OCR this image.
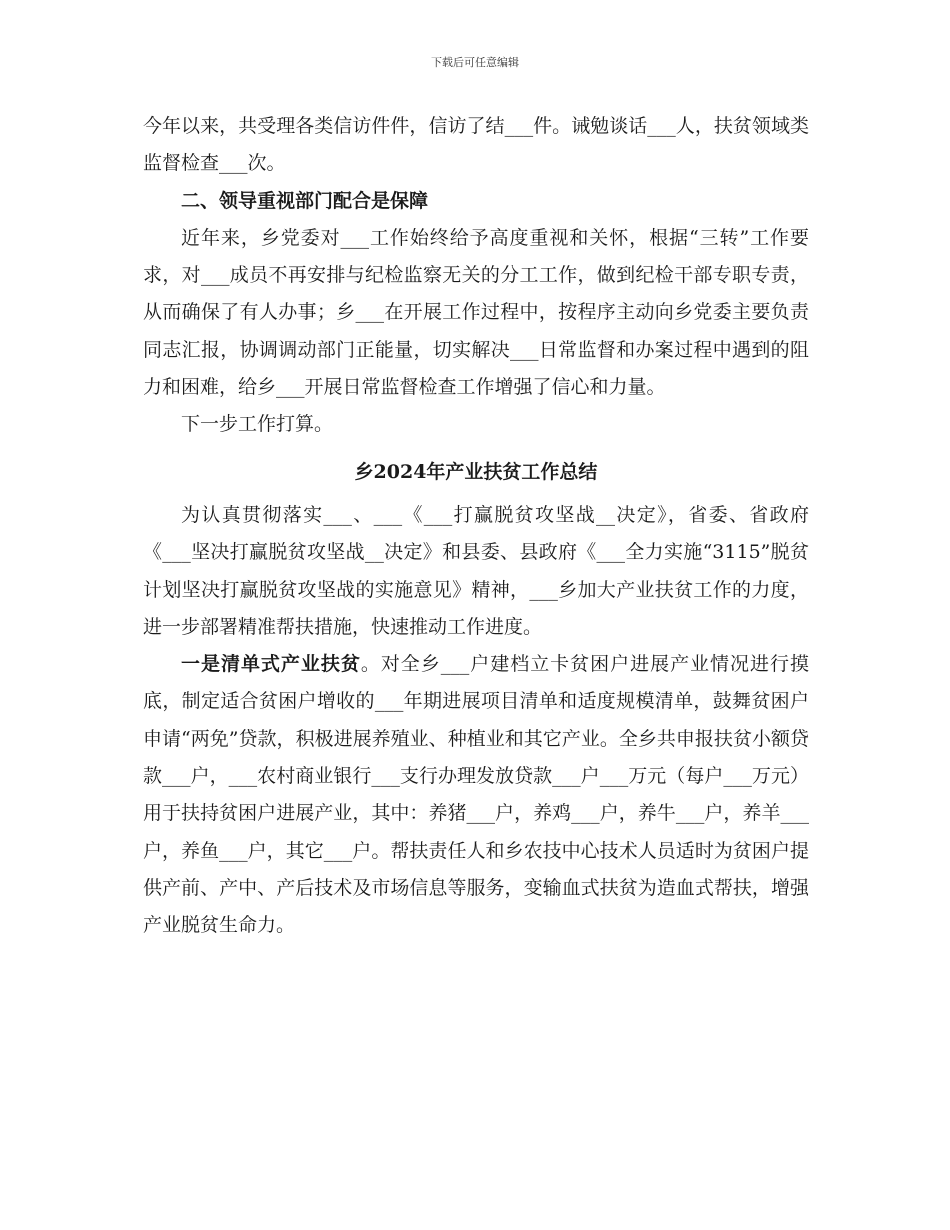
下载后可任意编辑

今年以来，共受理各类信访件件，信访了结___件。诫勉谈话___人，扶贫领域类监督检查___次。

二、领导重视部门配合是保障

近年来，乡党委对___工作始终给予高度重视和关怀，根据“三转”工作要求，对___成员不再安排与纪检监察无关的分工工作，做到纪检干部专职专责，从而确保了有人办事；乡___在开展工作过程中，按程序主动向乡党委主要负责同志汇报，协调调动部门正能量，切实解决___日常监督和办案过程中遇到的阻力和困难，给乡___开展日常监督检查工作增强了信心和力量。

下一步工作打算。

乡2024年产业扶贫工作总结

为认真贯彻落实___、___《___打赢脱贫攻坚战__决定》，省委、省政府《___坚决打赢脱贫攻坚战__决定》和县委、县政府《___全力实施“3115”脱贫计划坚决打赢脱贫攻坚战的实施意见》精神，___乡加大产业扶贫工作的力度，进一步部署精准帮扶措施，快速推动工作进度。

一是清单式产业扶贫。对全乡___户建档立卡贫困户进展产业情况进行摸底，制定适合贫困户增收的___年期进展项目清单和适度规模清单，鼓舞贫困户申请“两免”贷款，积极进展养殖业、种植业和其它产业。全乡共申报扶贫小额贷款___户，___农村商业银行___支行办理发放贷款___户___万元（每户___万元）用于扶持贫困户进展产业，其中：养猪___户，养鸡___户，养牛___户，养羊___户，养鱼___户，其它___户。帮扶责任人和乡农技中心技术人员适时为贫困户提供产前、产中、产后技术及市场信息等服务，变输血式扶贫为造血式帮扶，增强产业脱贫生命力。
